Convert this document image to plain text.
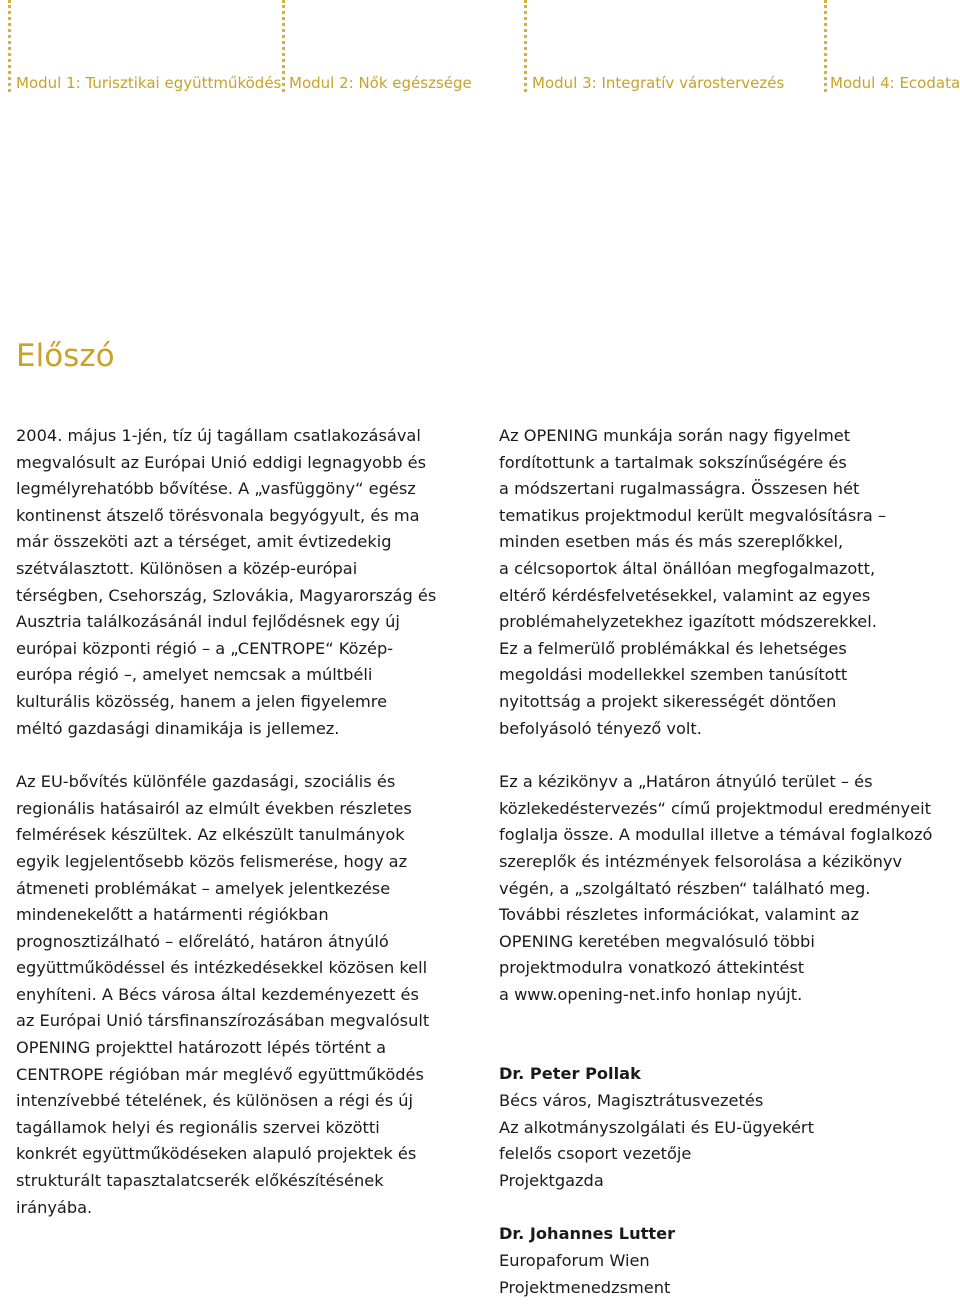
Modul 1: Turisztikai együttműködés Modul 2: Nők egészsége	Modul 3: Integratív várostervezés	Modul 4: Ecodata
Előszó

2004. május 1-jén, tíz új tagállam csatlakozásával
megvalósult az Európai Unió eddigi legnagyobb és
legmélyrehatóbb bővítése. A „vasfüggöny“ egész
kontinenst átszelő törésvonala begyógyult, és ma
már összeköti azt a térséget, amit évtizedekig
szétválasztott. Különösen a közép-európai
térségben, Csehország, Szlovákia, Magyarország és
Ausztria találkozásánál indul fejlődésnek egy új
európai központi régió – a „CENTROPE“ Közép-
európa régió –, amelyet nemcsak a múltbéli
kulturális közösség, hanem a jelen figyelemre
méltó gazdasági dinamikája is jellemez.

Az EU-bővítés különféle gazdasági, szociális és
regionális hatásairól az elmúlt években részletes
felmérések készültek. Az elkészült tanulmányok
egyik legjelentősebb közös felismerése, hogy az
átmeneti problémákat – amelyek jelentkezése
mindenekelőtt a határmenti régiókban
prognosztizálható – előrelátó, határon átnyúló
együttműködéssel és intézkedésekkel közösen kell
enyhíteni. A Bécs városa által kezdeményezett és
az Európai Unió társfinanszírozásában megvalósult
OPENING projekttel határozott lépés történt a
CENTROPE régióban már meglévő együttműködés
intenzívebbé tételének, és különösen a régi és új
tagállamok helyi és regionális szervei közötti
konkrét együttműködéseken alapuló projektek és
strukturált tapasztalatcserék előkészítésének
irányába.

Az OPENING munkája során nagy figyelmet
fordítottunk a tartalmak sokszínűségére és
a módszertani rugalmasságra. Összesen hét
tematikus projektmodul került megvalósításra –
minden esetben más és más szereplőkkel,
a célcsoportok által önállóan megfogalmazott,
eltérő kérdésfelvetésekkel, valamint az egyes
problémahelyzetekhez igazított módszerekkel.
Ez a felmerülő problémákkal és lehetséges
megoldási modellekkel szemben tanúsított
nyitottság a projekt sikerességét döntően
befolyásoló tényező volt.

Ez a kézikönyv a „Határon átnyúló terület – és
közlekedéstervezés“ című projektmodul eredményeit
foglalja össze. A modullal illetve a témával foglalkozó
szereplők és intézmények felsorolása a kézikönyv
végén, a „szolgáltató részben“ található meg.
További részletes információkat, valamint az
OPENING keretében megvalósuló többi
projektmodulra vonatkozó áttekintést
a www.opening-net.info honlap nyújt.

Dr. Peter Pollak
Bécs város, Magisztrátusvezetés
Az alkotmányszolgálati és EU-ügyekért
felelős csoport vezetője
Projektgazda

Dr. Johannes Lutter
Europaforum Wien
Projektmenedzsment
